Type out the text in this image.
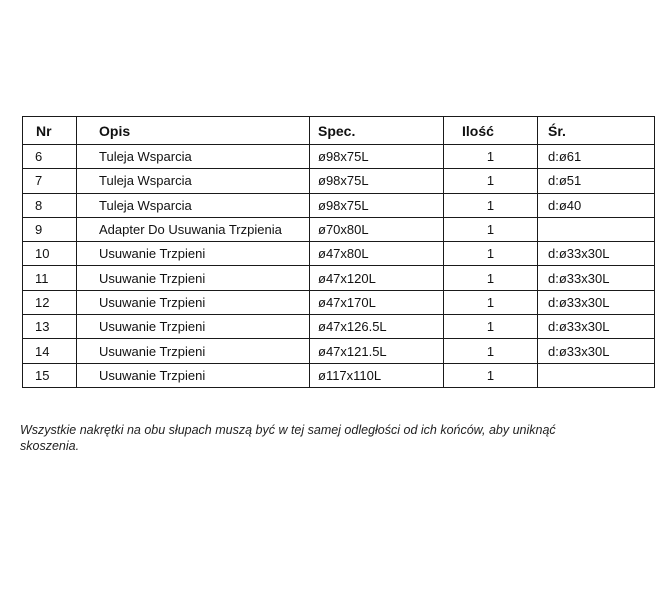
Nr	Opis	Spec.	Ilość	Śr.
6	Tuleja Wsparcia	ø98x75L	1	d:ø61
7	Tuleja Wsparcia	ø98x75L	1	d:ø51
8	Tuleja Wsparcia	ø98x75L	1	d:ø40
9	Adapter Do Usuwania Trzpienia	ø70x80L	1	
10	Usuwanie Trzpieni	ø47x80L	1	d:ø33x30L
11	Usuwanie Trzpieni	ø47x120L	1	d:ø33x30L
12	Usuwanie Trzpieni	ø47x170L	1	d:ø33x30L
13	Usuwanie Trzpieni	ø47x126.5L	1	d:ø33x30L
14	Usuwanie Trzpieni	ø47x121.5L	1	d:ø33x30L
15	Usuwanie Trzpieni	ø117x110L	1	

Wszystkie nakrętki na obu słupach muszą być w tej samej odległości od ich końców, aby uniknąć skoszenia.
